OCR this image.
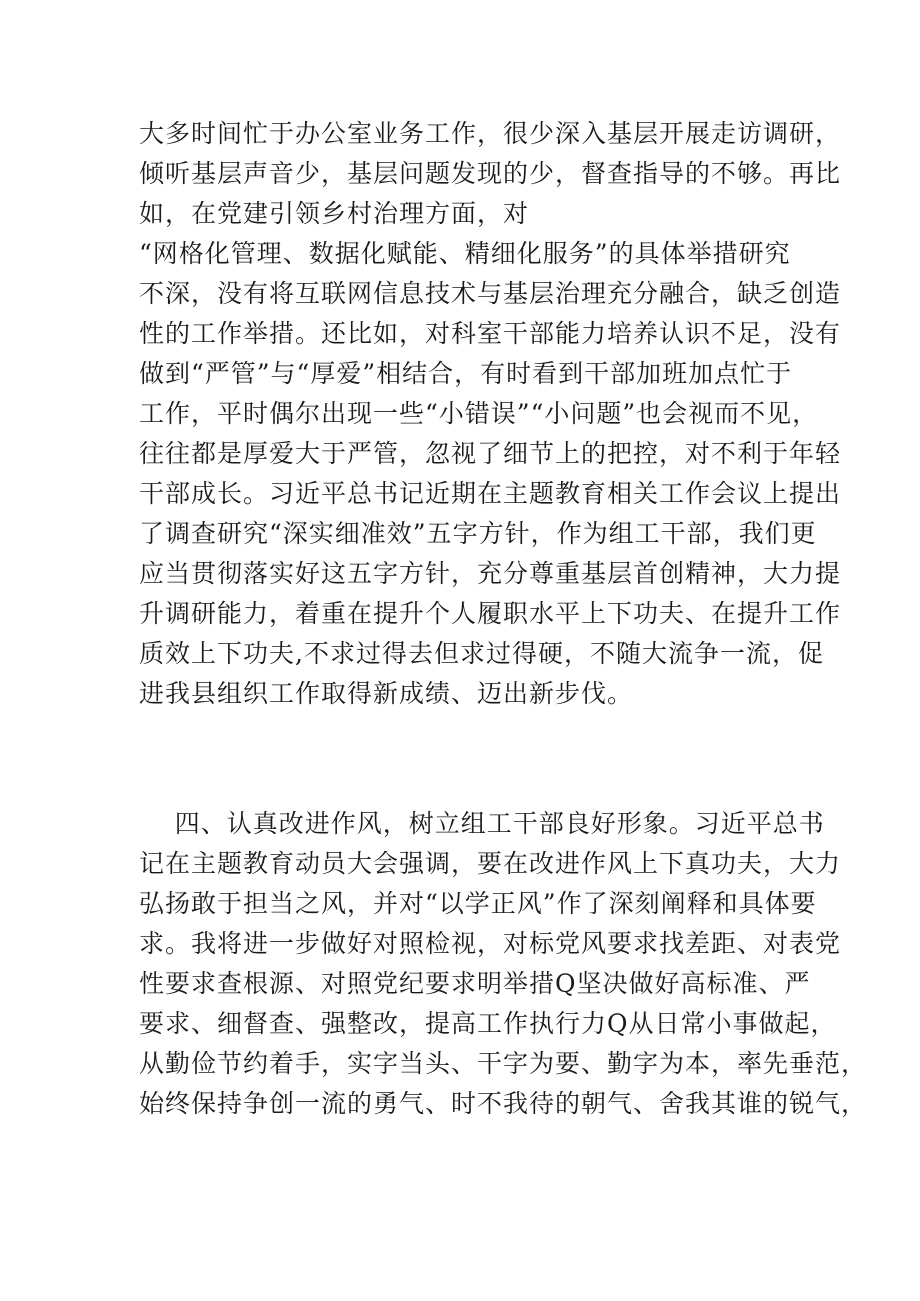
大多时间忙于办公室业务工作，很少深入基层开展走访调研，
倾听基层声音少，基层问题发现的少，督查指导的不够。再比
如，在党建引领乡村治理方面，对
“网格化管理、数据化赋能、精细化服务”的具体举措研究
不深，没有将互联网信息技术与基层治理充分融合，缺乏创造
性的工作举措。还比如，对科室干部能力培养认识不足，没有
做到“严管”与“厚爱”相结合，有时看到干部加班加点忙于
工作，平时偶尔出现一些“小错误”“小问题”也会视而不见，
往往都是厚爱大于严管，忽视了细节上的把控，对不利于年轻
干部成长。习近平总书记近期在主题教育相关工作会议上提出
了调查研究“深实细准效”五字方针，作为组工干部，我们更
应当贯彻落实好这五字方针，充分尊重基层首创精神，大力提
升调研能力，着重在提升个人履职水平上下功夫、在提升工作
质效上下功夫,不求过得去但求过得硬，不随大流争一流，促
进我县组织工作取得新成绩、迈出新步伐。
四、认真改进作风，树立组工干部良好形象。习近平总书
记在主题教育动员大会强调，要在改进作风上下真功夫，大力
弘扬敢于担当之风，并对“以学正风”作了深刻阐释和具体要
求。我将进一步做好对照检视，对标党风要求找差距、对表党
性要求查根源、对照党纪要求明举措Q坚决做好高标准、严
要求、细督查、强整改，提高工作执行力Q从日常小事做起，
从勤俭节约着手，实字当头、干字为要、勤字为本，率先垂范，
始终保持争创一流的勇气、时不我待的朝气、舍我其谁的锐气，
